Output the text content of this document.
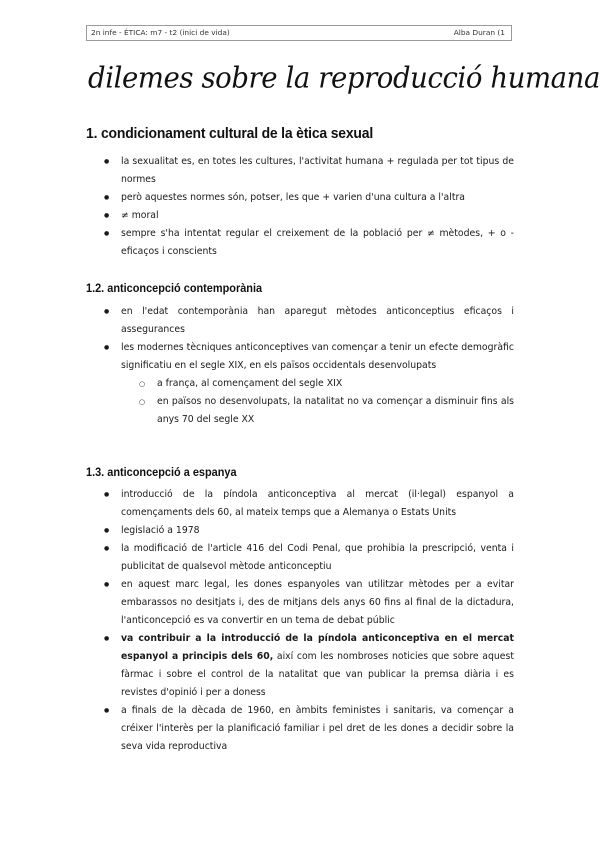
2n infe - ÈTICA: m7 - t2 (inici de vida)	Alba Duran (1
dilemes sobre la reproducció humana
1. condicionament cultural de la ètica sexual
● la sexualitat es, en totes les cultures, l'activitat humana + regulada per tot tipus de normes
● però aquestes normes són, potser, les que + varien d'una cultura a l'altra
● ≠ moral
● sempre s'ha intentat regular el creixement de la població per ≠ mètodes, + o - eficaços i conscients
1.2. anticoncepció contemporània
● en l'edat contemporània han aparegut mètodes anticonceptius eficaços i assegurances
● les modernes tècniques anticonceptives van començar a tenir un efecte demogràfic significatiu en el segle XIX, en els països occidentals desenvolupats
○ a frança, al començament del segle XIX
○ en països no desenvolupats, la natalitat no va començar a disminuir fins als anys 70 del segle XX
1.3. anticoncepció a espanya
● introducció de la píndola anticonceptiva al mercat (il·legal) espanyol a començaments dels 60, al mateix temps que a Alemanya o Estats Units
● legislació a 1978
● la modificació de l'article 416 del Codi Penal, que prohibia la prescripció, venta i publicitat de qualsevol mètode anticonceptiu
● en aquest marc legal, les dones espanyoles van utilitzar mètodes per a evitar embarassos no desitjats i, des de mitjans dels anys 60 fins al final de la dictadura, l'anticoncepció es va convertir en un tema de debat públic
● va contribuir a la introducció de la píndola anticonceptiva en el mercat espanyol a principis dels 60, així com les nombroses noticies que sobre aquest fàrmac i sobre el control de la natalitat que van publicar la premsa diària i es revistes d'opinió i per a doness
● a finals de la dècada de 1960, en àmbits feministes i sanitaris, va començar a créixer l'interès per la planificació familiar i pel dret de les dones a decidir sobre la seva vida reproductiva
